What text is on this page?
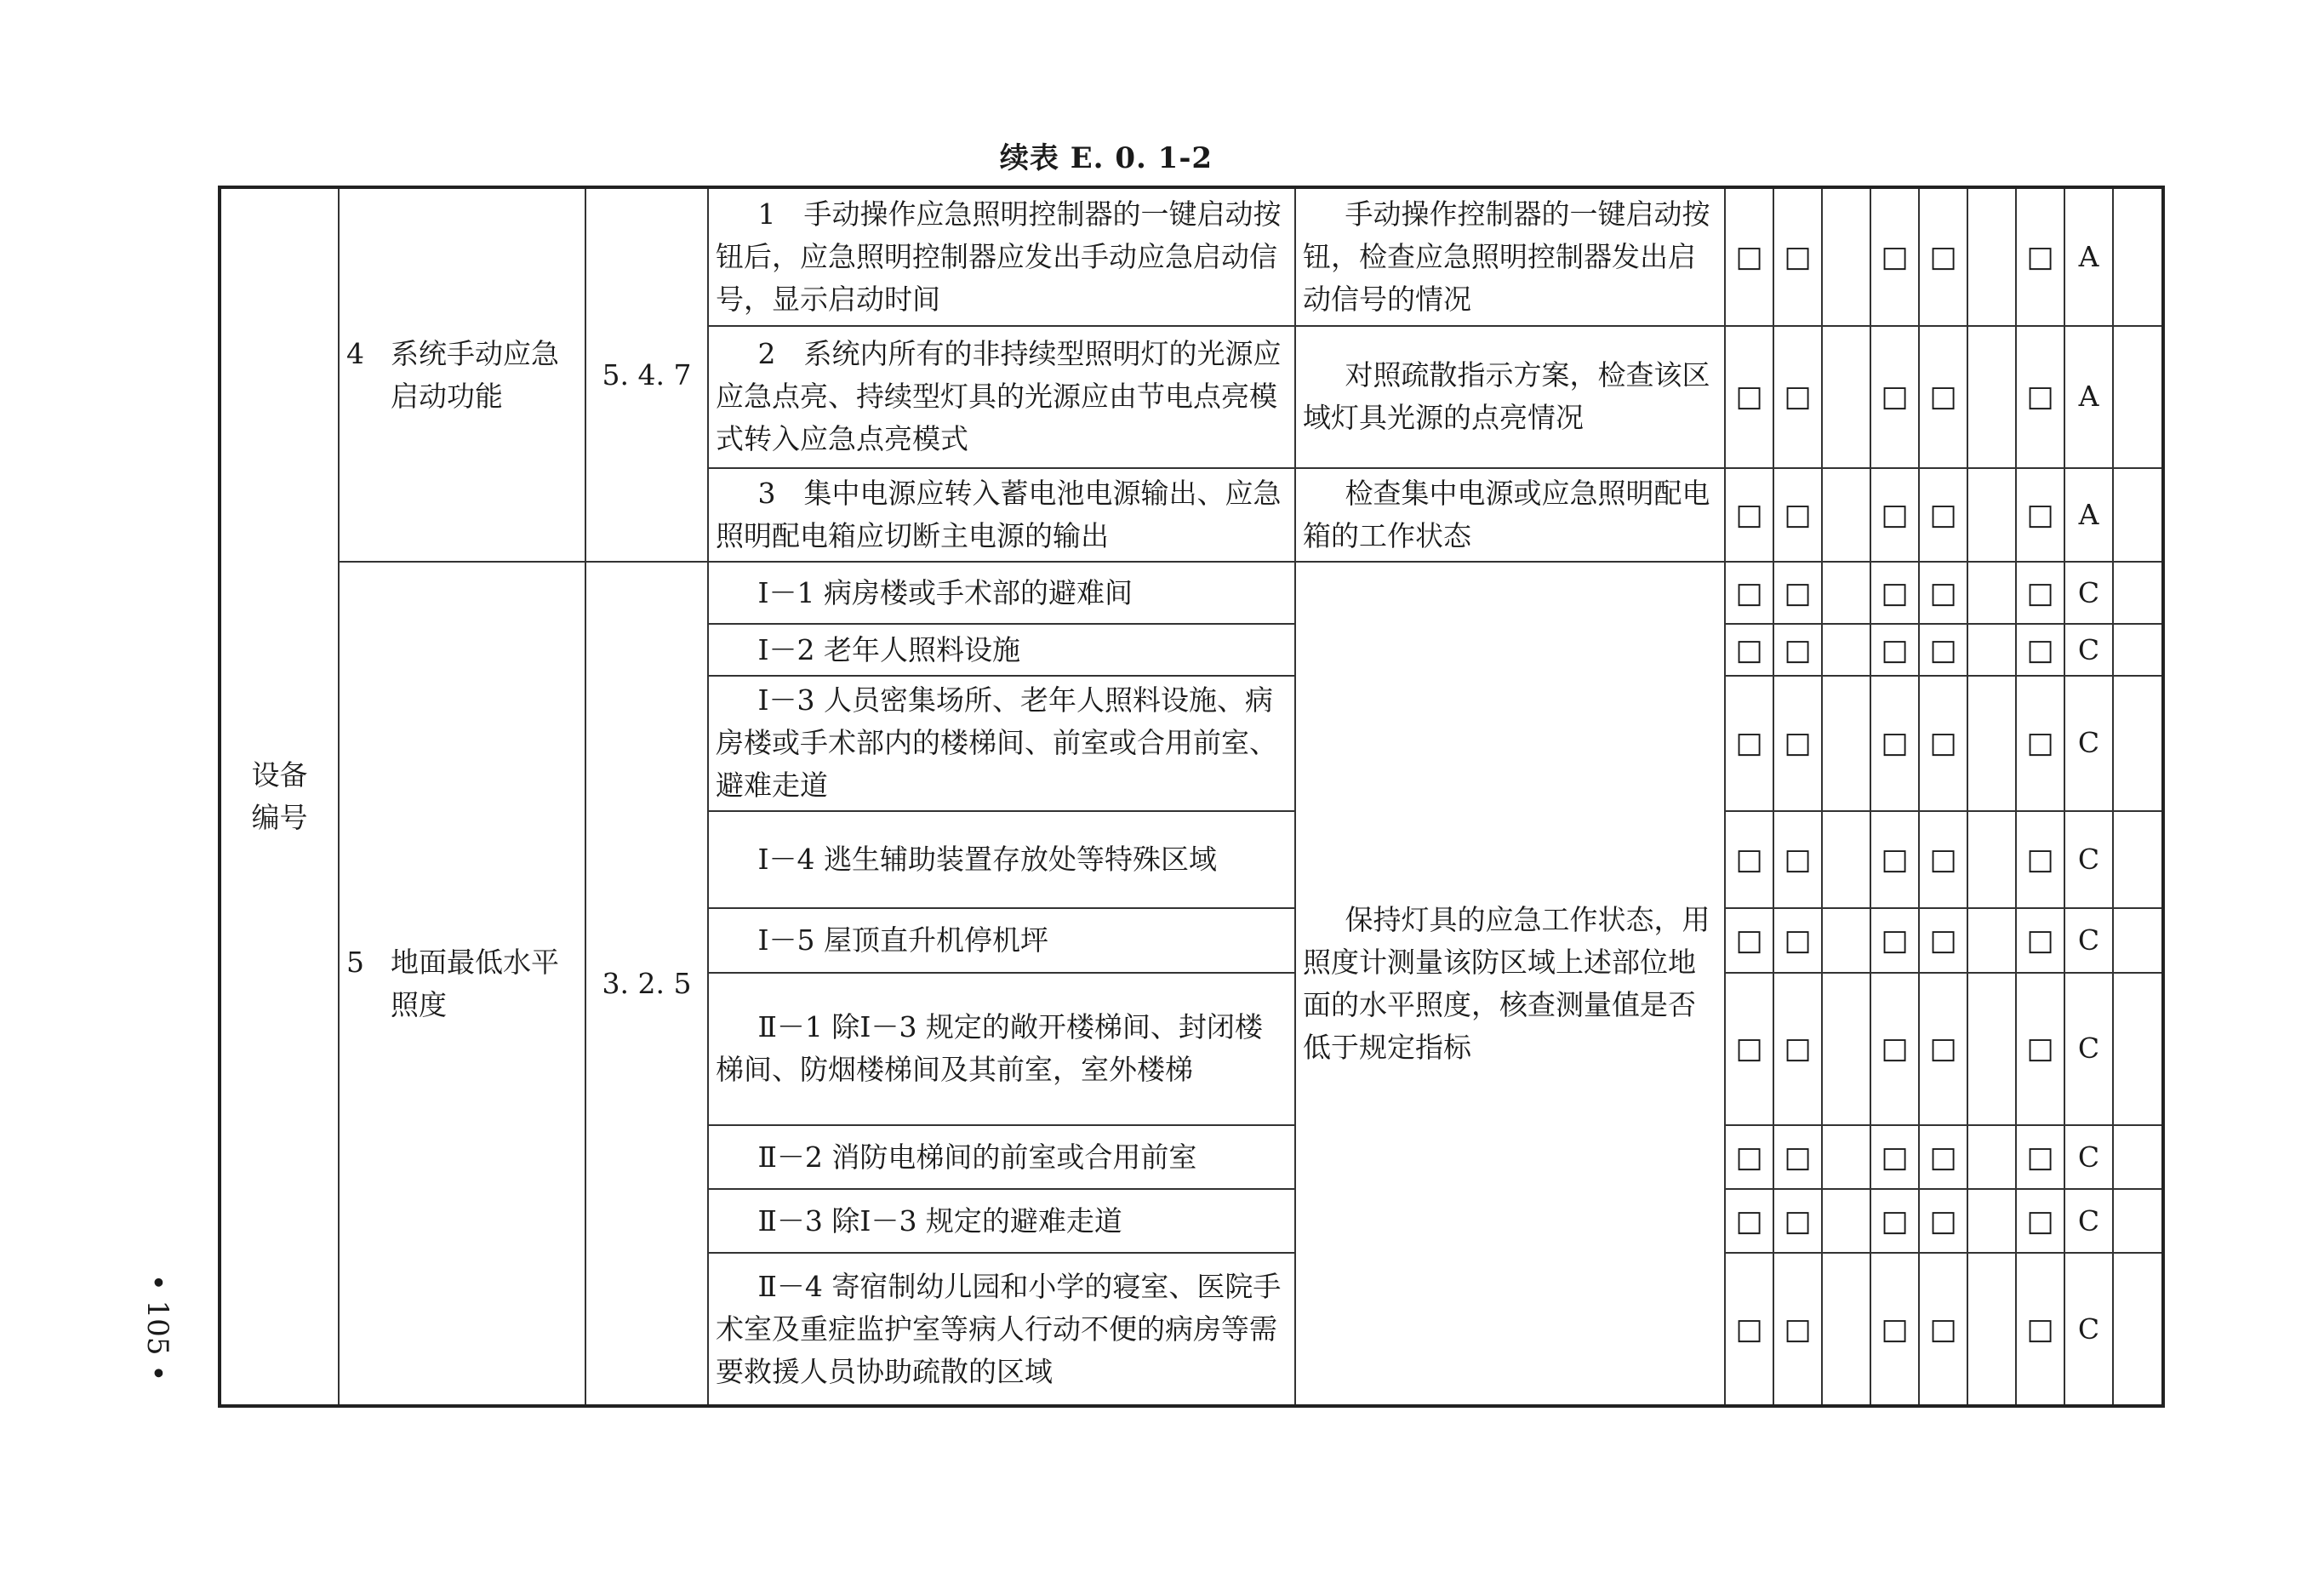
续表 E. 0. 1-2
设备
编号	4 系统手动应急启动功能	5. 4. 7	1　手动操作应急照明控制器的一键启动按钮后，应急照明控制器应发出手动应急启动信号，显示启动时间	手动操作控制器的一键启动按钮，检查应急照明控制器发出启动信号的情况	□	□		□	□		□	A	
			2　系统内所有的非持续型照明灯的光源应应急点亮、持续型灯具的光源应由节电点亮模式转入应急点亮模式	对照疏散指示方案，检查该区域灯具光源的点亮情况	□	□		□	□		□	A	
			3　集中电源应转入蓄电池电源输出、应急照明配电箱应切断主电源的输出	检查集中电源或应急照明配电箱的工作状态	□	□		□	□		□	A	
	5 地面最低水平照度	3. 2. 5	Ⅰ－1 病房楼或手术部的避难间	保持灯具的应急工作状态，用照度计测量该防区域上述部位地面的水平照度，核查测量值是否低于规定指标	□	□		□	□		□	C	
			Ⅰ－2 老年人照料设施		□	□		□	□		□	C	
			Ⅰ－3 人员密集场所、老年人照料设施、病房楼或手术部内的楼梯间、前室或合用前室、避难走道		□	□		□	□		□	C	
			Ⅰ－4 逃生辅助装置存放处等特殊区域		□	□		□	□		□	C	
			Ⅰ－5 屋顶直升机停机坪		□	□		□	□		□	C	
			Ⅱ－1 除Ⅰ－3 规定的敞开楼梯间、封闭楼梯间、防烟楼梯间及其前室，室外楼梯		□	□		□	□		□	C	
			Ⅱ－2 消防电梯间的前室或合用前室		□	□		□	□		□	C	
			Ⅱ－3 除Ⅰ－3 规定的避难走道		□	□		□	□		□	C	
			Ⅱ－4 寄宿制幼儿园和小学的寝室、医院手术室及重症监护室等病人行动不便的病房等需要救援人员协助疏散的区域		□	□		□	□		□	C	
• 105 •
